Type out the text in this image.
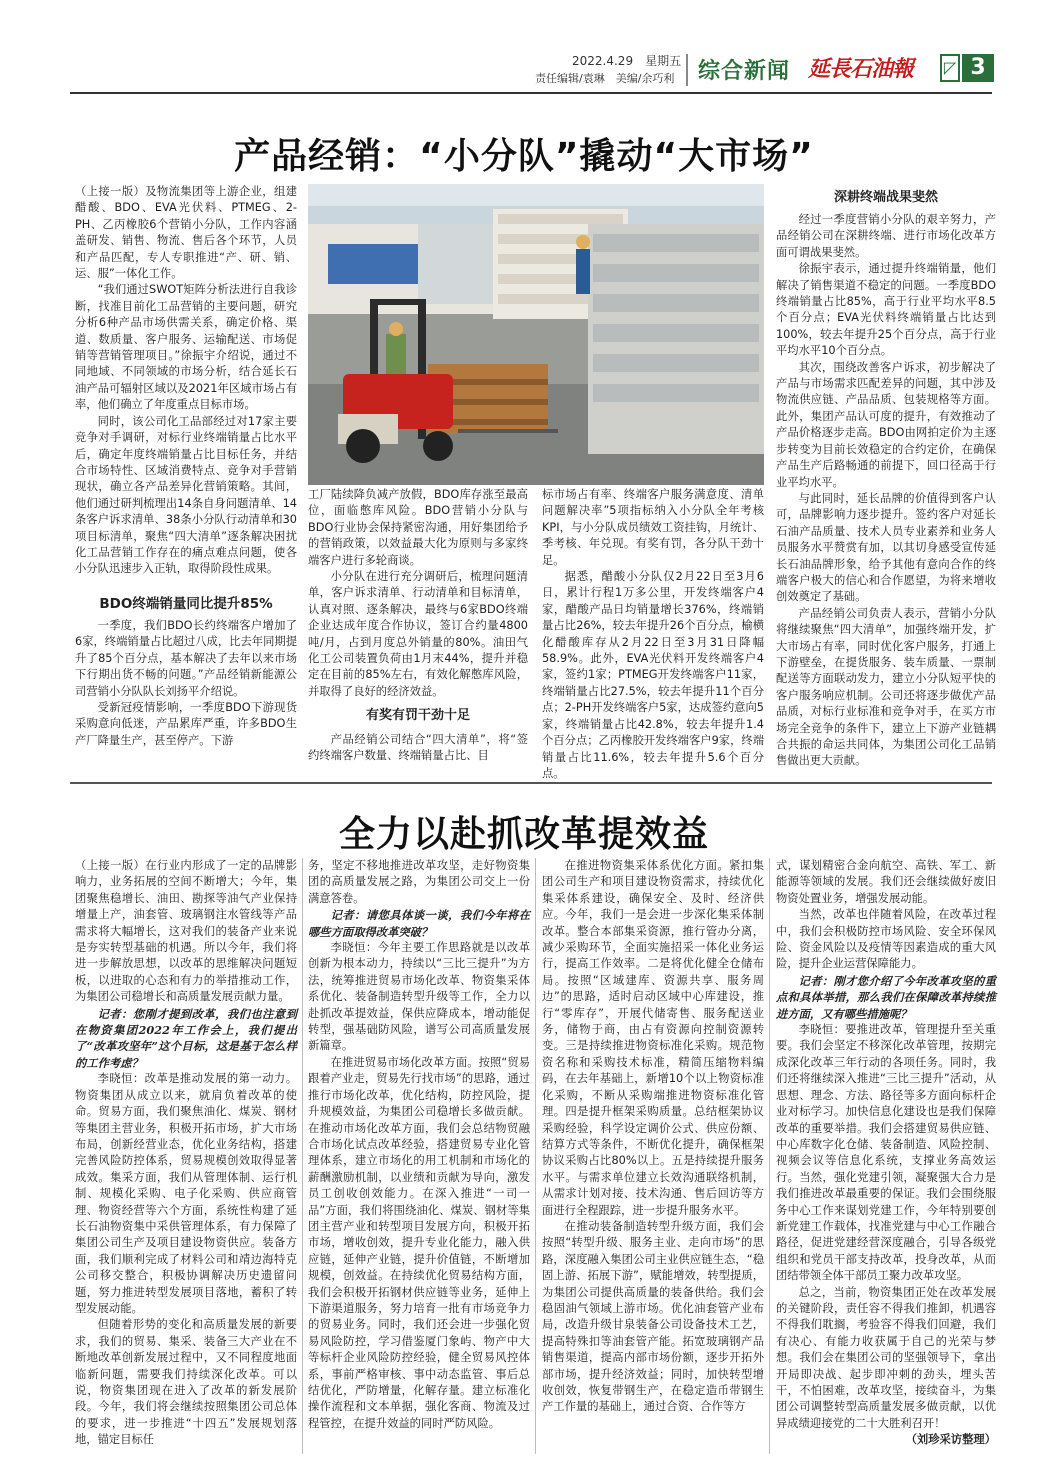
2022.4.29　星期五
责任编辑/袁琳　美编/余巧利 综合新闻 延長石油報	◸ 3
产品经销：“小分队”撬动“大市场”

（上接一版）及物流集团等上游企业，组建醋酸、BDO、EVA光伏料、PTMEG、2-PH、乙丙橡胶6个营销小分队，工作内容涵盖研发、销售、物流、售后各个环节，人员和产品匹配，专人专职推进“产、研、销、运、服”一体化工作。

“我们通过SWOT矩阵分析法进行自我诊断，找准目前化工品营销的主要问题，研究分析6种产品市场供需关系，确定价格、渠道、数质量、客户服务、运输配送、市场促销等营销管理项目。”徐振宇介绍说，通过不同地域、不同领域的市场分析，结合延长石油产品可辐射区域以及2021年区域市场占有率，他们确立了年度重点目标市场。

同时，该公司化工品部经过对17家主要竞争对手调研，对标行业终端销量占比水平后，确定年度终端销量占比目标任务，并结合市场特性、区域消费特点、竞争对手营销现状，确立各产品差异化营销策略。其间，他们通过研判梳理出14条自身问题清单、14条客户诉求清单、38条小分队行动清单和30项目标清单，聚焦“四大清单”逐条解决困扰化工品营销工作存在的痛点难点问题，使各小分队迅速步入正轨，取得阶段性成果。

BDO终端销量同比提升85%

一季度，我们BDO长约终端客户增加了6家，终端销量占比超过八成，比去年同期提升了85个百分点，基本解决了去年以来市场下行期出货不畅的问题。”产品经销新能源公司营销小分队队长刘扬平介绍说。

受新冠疫情影响，一季度BDO下游现货采购意向低迷，产品累库严重，许多BDO生产厂降量生产，甚至停产。下游

工厂陆续降负减产放假，BDO库存涨至最高位，面临憋库风险。BDO营销小分队与BDO行业协会保持紧密沟通，用好集团给予的营销政策，以效益最大化为原则与多家终端客户进行多轮商谈。

小分队在进行充分调研后，梳理问题清单，客户诉求清单、行动清单和目标清单，认真对照、逐条解决，最终与6家BDO终端企业达成年度合作协议，签订合约量4800吨/月，占到月度总外销量的80%。油田气化工公司装置负荷由1月末44%，提升并稳定在目前的85%左右，有效化解憋库风险，并取得了良好的经济效益。

有奖有罚干劲十足

产品经销公司结合“四大清单”，将“签约终端客户数量、终端销量占比、目

标市场占有率、终端客户服务满意度、清单问题解决率”5项指标纳入小分队全年考核KPI，与小分队成员绩效工资挂钩，月统计、季考核、年兑现。有奖有罚，各分队干劲十足。

据悉，醋酸小分队仅2月22日至3月6日，累计行程1万多公里，开发终端客户4家，醋酸产品日均销量增长376%，终端销量占比26%，较去年提升26个百分点，榆横化醋酸库存从2月22日至3月31日降幅58.9%。此外，EVA光伏料开发终端客户4家，签约1家；PTMEG开发终端客户11家，终端销量占比27.5%，较去年提升11个百分点；2-PH开发终端客户5家，达成签约意向5家，终端销量占比42.8%，较去年提升1.4个百分点；乙丙橡胶开发终端客户9家，终端销量占比11.6%，较去年提升5.6个百分点。

深耕终端战果斐然

经过一季度营销小分队的艰辛努力，产品经销公司在深耕终端、进行市场化改革方面可谓战果斐然。

徐振宇表示，通过提升终端销量，他们解决了销售渠道不稳定的问题。一季度BDO终端销量占比85%，高于行业平均水平8.5个百分点；EVA光伏料终端销量占比达到100%，较去年提升25个百分点，高于行业平均水平10个百分点。

其次，围绕改善客户诉求，初步解决了产品与市场需求匹配差异的问题，其中涉及物流供应链、产品品质、包装规格等方面。此外，集团产品认可度的提升，有效推动了产品价格逐步走高。BDO由网拍定价为主逐步转变为目前长效稳定的合约定价，在确保产品生产后路畅通的前提下，回口径高于行业平均水平。

与此同时，延长品牌的价值得到客户认可，品牌影响力逐步提升。签约客户对延长石油产品质量、技术人员专业素养和业务人员服务水平赞赏有加，以其切身感受宣传延长石油品牌形象，给予其他有意向合作的终端客户极大的信心和合作愿望，为将来增收创效奠定了基础。

产品经销公司负责人表示，营销小分队将继续聚焦“四大清单”，加强终端开发，扩大市场占有率，同时优化客户服务，打通上下游壁垒，在提货服务、装车质量、一票制配送等方面联动发力，建立小分队短平快的客户服务响应机制。公司还将逐步做优产品品质，对标行业标准和竞争对手，在买方市场完全竞争的条件下，建立上下游产业链耦合共振的命运共同体，为集团公司化工品销售做出更大贡献。

全力以赴抓改革提效益

（上接一版）在行业内形成了一定的品牌影响力，业务拓展的空间不断增大；今年，集团聚焦稳增长、油田、勘探等油气产业保持增量上产，油套管、玻璃钢注水管线等产品需求将大幅增长，这对我们的装备产业来说是夯实转型基础的机遇。所以今年，我们将进一步解放思想，以改革的思维解决问题短板，以进取的心态和有力的举措推动工作，为集团公司稳增长和高质量发展贡献力量。

记者：您刚才提到改革，我们也注意到在物资集团2022年工作会上，我们提出了“改革攻坚年”这个目标，这是基于怎么样的工作考虑？

李晓恒：改革是推动发展的第一动力。物资集团从成立以来，就肩负着改革的使命。贸易方面，我们聚焦油化、煤炭、钢材等集团主营业务，积极开拓市场，扩大市场布局，创新经营业态，优化业务结构，搭建完善风险防控体系，贸易规模创效取得显著成效。集采方面，我们从管理体制、运行机制、规模化采购、电子化采购、供应商管理、物资经营等六个方面，系统性构建了延长石油物资集中采供管理体系，有力保障了集团公司生产及项目建设物资供应。装备方面，我们顺利完成了材料公司和靖边海特克公司移交整合，积极协调解决历史遗留问题，努力推进转型发展项目落地，蓄积了转型发展动能。

但随着形势的变化和高质量发展的新要求，我们的贸易、集采、装备三大产业在不断地改革创新发展过程中，又不同程度地面临新问题，需要我们持续深化改革。可以说，物资集团现在进入了改革的新发展阶段。今年，我们将会继续按照集团公司总体的要求，进一步推进“十四五”发展规划落地，锚定目标任

务，坚定不移地推进改革攻坚，走好物资集团的高质量发展之路，为集团公司交上一份满意答卷。

记者：请您具体谈一谈，我们今年将在哪些方面取得改革突破？

李晓恒：今年主要工作思路就是以改革创新为根本动力，持续以“三比三提升”为方法，统筹推进贸易市场化改革、物资集采体系优化、装备制造转型升级等工作，全力以赴抓改革提效益，保供应降成本，增动能促转型，强基础防风险，谱写公司高质量发展新篇章。

在推进贸易市场化改革方面。按照“贸易跟着产业走，贸易先行找市场”的思路，通过推行市场化改革，优化结构，防控风险，提升规模效益，为集团公司稳增长多做贡献。在推动市场化改革方面，我们会总结物贸融合市场化试点改革经验，搭建贸易专业化管理体系，建立市场化的用工机制和市场化的薪酬激励机制，以业绩和贡献为导向，激发员工创收创效能力。在深入推进“一司一品”方面，我们将围绕油化、煤炭、钢材等集团主营产业和转型项目发展方向，积极开拓市场，增收创效，提升专业化能力，融入供应链，延伸产业链，提升价值链，不断增加规模，创效益。在持续优化贸易结构方面，我们会积极开拓钢材供应链等业务，延伸上下游渠道服务，努力培育一批有市场竞争力的贸易业务。同时，我们还会进一步强化贸易风险防控，学习借鉴厦门象屿、物产中大等标杆企业风险防控经验，健全贸易风控体系，事前严格审核、事中动态监管、事后总结优化，严防增量，化解存量。建立标准化操作流程和文本单据，强化客商、物流及过程管控，在提升效益的同时严防风险。

在推进物资集采体系优化方面。紧扣集团公司生产和项目建设物资需求，持续优化集采体系建设，确保安全、及时、经济供应。今年，我们一是会进一步深化集采体制改革。整合本部集采资源，推行管办分离，减少采购环节，全面实施招采一体化业务运行，提高工作效率。二是将优化健全仓储布局。按照“区域建库、资源共享、服务周边”的思路，适时启动区域中心库建设，推行“零库存”，开展代储寄售、服务配送业务，储物于商，由占有资源向控制资源转变。三是持续推进物资标准化采购。规范物资名称和采购技术标准，精简压缩物料编码，在去年基础上，新增10个以上物资标准化采购，不断从采购端推进物资标准化管理。四是提升框架采购质量。总结框架协议采购经验，科学设定调价公式、供应份额、结算方式等条件，不断优化提升，确保框架协议采购占比80%以上。五是持续提升服务水平。与需求单位建立长效沟通联络机制，从需求计划对接、技术沟通、售后回访等方面进行全程跟踪，进一步提升服务水平。

在推动装备制造转型升级方面，我们会按照“转型升级、服务主业、走向市场”的思路，深度融入集团公司主业供应链生态，“稳固上游、拓展下游”，赋能增效，转型提质，为集团公司提供高质量的装备供给。我们会稳固油气领域上游市场。优化油套管产业布局，改造升级甘泉装备公司设备技术工艺，提高特殊扣等油套管产能。拓宽玻璃钢产品销售渠道，提高内部市场份额，逐步开拓外部市场，提升经济效益；同时，加快转型增收创效，恢复带钢生产，在稳定造币带钢生产工作量的基础上，通过合资、合作等方

式，谋划精密合金向航空、高铁、军工、新能源等领域的发展。我们还会继续做好废旧物资处置业务，增强发展动能。

当然，改革也伴随着风险，在改革过程中，我们会积极防控市场风险、安全环保风险、资金风险以及疫情等因素造成的重大风险，提升企业运营保障能力。

记者：刚才您介绍了今年改革攻坚的重点和具体举措，那么我们在保障改革持续推进方面，又有哪些措施呢？

李晓恒：要推进改革，管理提升至关重要。我们会坚定不移深化改革管理，按期完成深化改革三年行动的各项任务。同时，我们还将继续深入推进“三比三提升”活动，从思想、理念、方法、路径等多方面向标杆企业对标学习。加快信息化建设也是我们保障改革的重要举措。我们会搭建贸易供应链、中心库数字化仓储、装备制造、风险控制、视频会议等信息化系统，支撑业务高效运行。当然，强化党建引领，凝聚强大合力是我们推进改革最重要的保证。我们会围绕服务中心工作来谋划党建工作，今年特别要创新党建工作载体，找准党建与中心工作融合路径，促进党建经营深度融合，引导各级党组织和党员干部支持改革，投身改革，从而团结带领全体干部员工聚力改革攻坚。

总之，当前，物资集团正处在改革发展的关键阶段，责任容不得我们推卸，机遇容不得我们耽搁，考验容不得我们回避，我们有决心、有能力收获属于自己的光荣与梦想。我们会在集团公司的坚强领导下，拿出开局即决战、起步即冲刺的劲头，埋头苦干，不怕困难，改革攻坚，接续奋斗，为集团公司调整转型高质量发展多做贡献，以优异成绩迎接党的二十大胜利召开！

（刘珍采访整理）
